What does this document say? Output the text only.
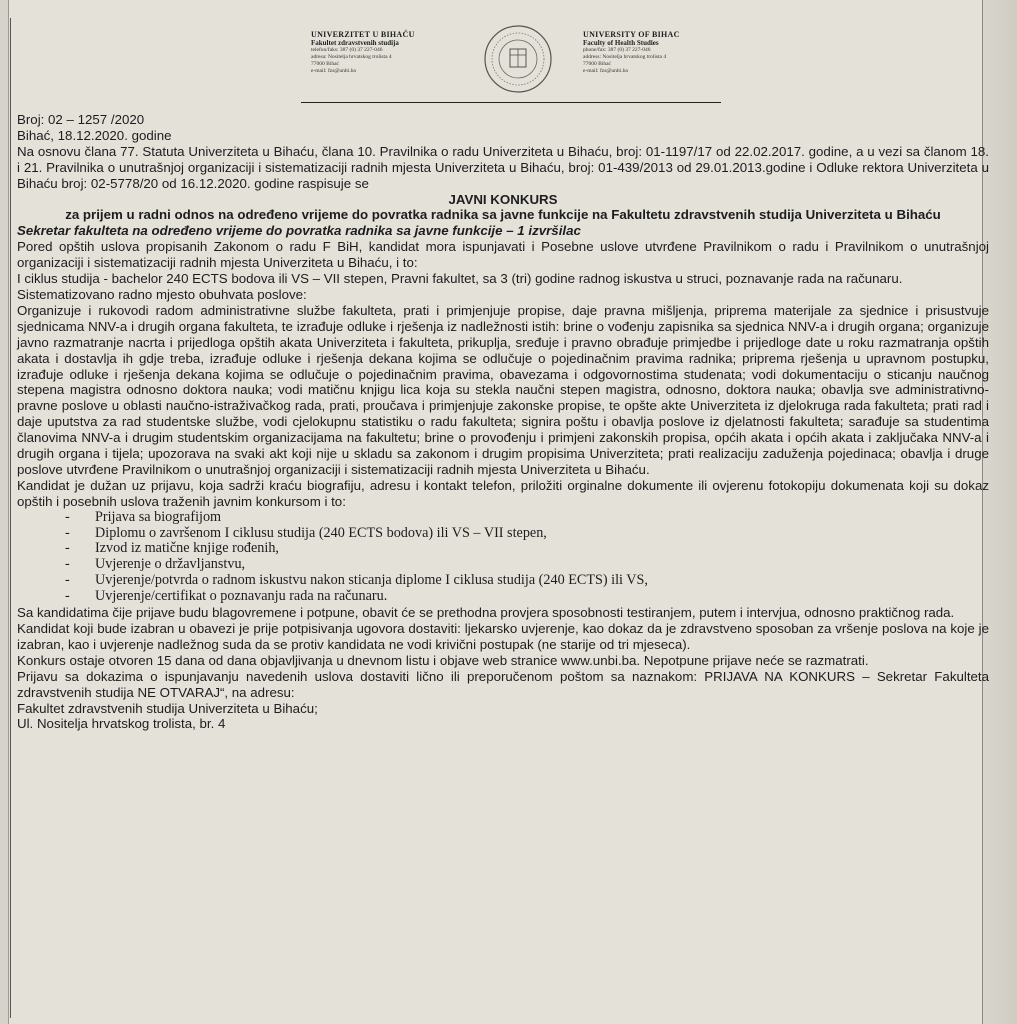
UNIVERZITET U BIHAĆU
Fakultet zdravstvenih studija
telefon/faks: 387 (0) 37 227-046
adresa: Nositelja hrvatskog trolista 4
77000 Bihać
e-mail: fzs@unbi.ba
UNIVERSITY OF BIHAC
Faculty of Health Studies
phone/fax: 387 (0) 37 227-046
address: Nositelja hrvatskog trolista 4
77000 Bihać
e-mail: fzs@unbi.ba

Broj: 02 – 1257 /2020

Bihać, 18.12.2020. godine

Na osnovu člana 77. Statuta Univerziteta u Bihaću, člana 10. Pravilnika o radu Univerziteta u Bihaću, broj: 01-1197/17 od 22.02.2017. godine, a u vezi sa članom 18. i 21. Pravilnika o unutrašnjoj organizaciji i sistematizaciji radnih mjesta Univerziteta u Bihaću, broj: 01-439/2013 od 29.01.2013.godine i Odluke rektora Univerziteta u Bihaću broj: 02-5778/20 od 16.12.2020. godine raspisuje se

JAVNI KONKURS

za prijem u radni odnos na određeno vrijeme do povratka radnika sa javne funkcije na Fakultetu zdravstvenih studija Univerziteta u Bihaću

Sekretar fakulteta na određeno vrijeme do povratka radnika sa javne funkcije – 1 izvršilac

Pored opštih uslova propisanih Zakonom o radu F BiH, kandidat mora ispunjavati i Posebne uslove utvrđene Pravilnikom o radu i Pravilnikom o unutrašnjoj organizaciji i sistematizaciji radnih mjesta Univerziteta u Bihaću, i to:

I ciklus studija - bachelor 240 ECTS bodova ili VS – VII stepen, Pravni fakultet, sa 3 (tri) godine radnog iskustva u struci, poznavanje rada na računaru.

Sistematizovano radno mjesto obuhvata poslove:

Organizuje i rukovodi radom administrativne službe fakulteta, prati i primjenjuje propise, daje pravna mišljenja, priprema materijale za sjednice i prisustvuje sjednicama NNV-a i drugih organa fakulteta, te izrađuje odluke i rješenja iz nadležnosti istih: brine o vođenju zapisnika sa sjednica NNV-a i drugih organa; organizuje javno razmatranje nacrta i prijedloga opštih akata Univerziteta i fakulteta, prikuplja, sređuje i pravno obrađuje primjedbe i prijedloge date u roku razmatranja opštih akata i dostavlja ih gdje treba, izrađuje odluke i rješenja dekana kojima se odlučuje o pojedinačnim pravima radnika; priprema rješenja u upravnom postupku, izrađuje odluke i rješenja dekana kojima se odlučuje o pojedinačnim pravima, obavezama i odgovornostima studenata; vodi dokumentaciju o sticanju naučnog stepena magistra odnosno doktora nauka; vodi matičnu knjigu lica koja su stekla naučni stepen magistra, odnosno, doktora nauka; obavlja sve administrativno-pravne poslove u oblasti naučno-istraživačkog rada, prati, proučava i primjenjuje zakonske propise, te opšte akte Univerziteta iz djelokruga rada fakulteta; prati rad i daje uputstva za rad studentske službe, vodi cjelokupnu statistiku o radu fakulteta; signira poštu i obavlja poslove iz djelatnosti fakulteta; sarađuje sa studentima članovima NNV-a i drugim studentskim organizacijama na fakultetu; brine o provođenju i primjeni zakonskih propisa, općih akata i općih akata i zaključaka NNV-a i drugih organa i tijela; upozorava na svaki akt koji nije u skladu sa zakonom i drugim propisima Univerziteta; prati realizaciju zaduženja pojedinaca; obavlja i druge poslove utvrđene Pravilnikom o unutrašnjoj organizaciji i sistematizaciji radnih mjesta Univerziteta u Bihaću.

Kandidat je dužan uz prijavu, koja sadrži kraću biografiju, adresu i kontakt telefon, priložiti orginalne dokumente ili ovjerenu fotokopiju dokumenata koji su dokaz opštih i posebnih uslova traženih javnim konkursom i to:

-	Prijava sa biografijom
-	Diplomu o završenom I ciklusu studija (240 ECTS bodova) ili VS – VII stepen,
-	Izvod iz matične knjige rođenih,
-	Uvjerenje o državljanstvu,
-	Uvjerenje/potvrda o radnom iskustvu nakon sticanja diplome I ciklusa studija (240 ECTS) ili VS,
-	Uvjerenje/certifikat o poznavanju rada na računaru.

Sa kandidatima čije prijave budu blagovremene i potpune, obavit će se prethodna provjera sposobnosti testiranjem, putem i intervjua, odnosno praktičnog rada.

Kandidat koji bude izabran u obavezi je prije potpisivanja ugovora dostaviti: ljekarsko uvjerenje, kao dokaz da je zdravstveno sposoban za vršenje poslova na koje je izabran, kao i uvjerenje nadležnog suda da se protiv kandidata ne vodi krivični postupak (ne starije od tri mjeseca).

Konkurs ostaje otvoren 15 dana od dana objavljivanja u dnevnom listu i objave web stranice www.unbi.ba. Nepotpune prijave neće se razmatrati.

Prijavu sa dokazima o ispunjavanju navedenih uslova dostaviti lično ili preporučenom poštom sa naznakom: PRIJAVA NA KONKURS – Sekretar Fakulteta zdravstvenih studija NE OTVARAJ“, na adresu:

Fakultet zdravstvenih studija Univerziteta u Bihaću;

Ul. Nositelja hrvatskog trolista, br. 4
